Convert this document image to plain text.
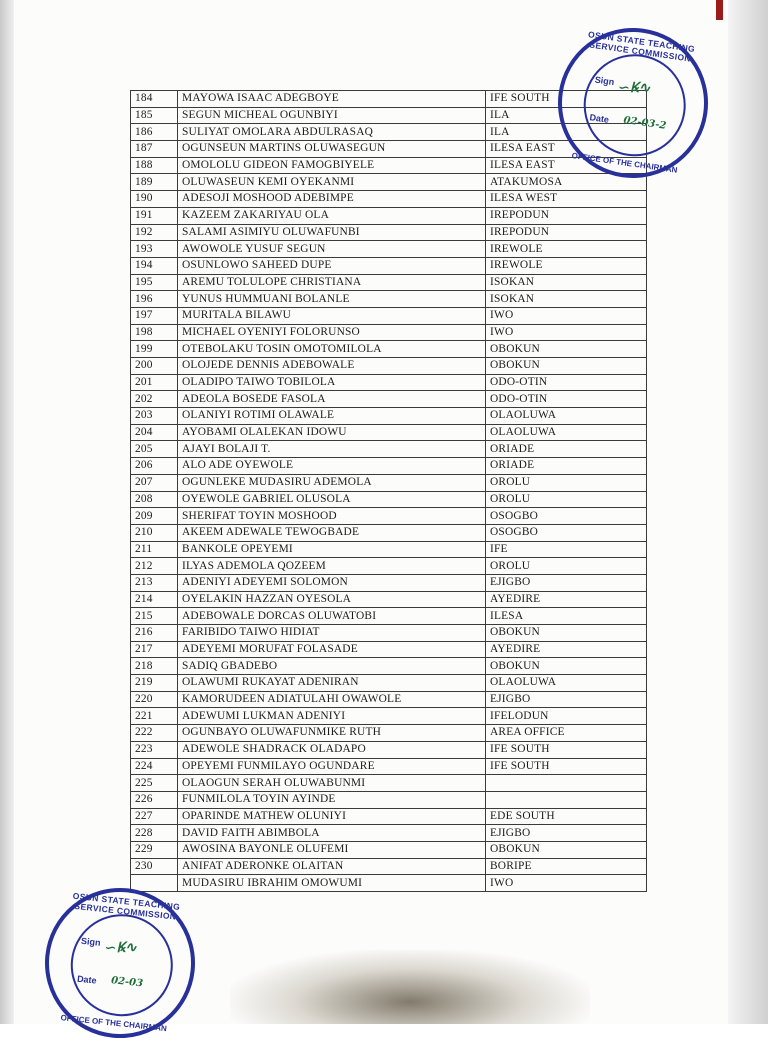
184	MAYOWA ISAAC ADEGBOYE	IFE SOUTH
185	SEGUN MICHEAL OGUNBIYI	ILA
186	SULIYAT OMOLARA ABDULRASAQ	ILA
187	OGUNSEUN MARTINS OLUWASEGUN	ILESA EAST
188	OMOLOLU GIDEON FAMOGBIYELE	ILESA EAST
189	OLUWASEUN KEMI OYEKANMI	ATAKUMOSA
190	ADESOJI MOSHOOD ADEBIMPE	ILESA WEST
191	KAZEEM ZAKARIYAU OLA	IREPODUN
192	SALAMI ASIMIYU OLUWAFUNBI	IREPODUN
193	AWOWOLE YUSUF SEGUN	IREWOLE
194	OSUNLOWO SAHEED DUPE	IREWOLE
195	AREMU TOLULOPE CHRISTIANA	ISOKAN
196	YUNUS HUMMUANI BOLANLE	ISOKAN
197	MURITALA BILAWU	IWO
198	MICHAEL OYENIYI FOLORUNSO	IWO
199	OTEBOLAKU TOSIN OMOTOMILOLA	OBOKUN
200	OLOJEDE DENNIS ADEBOWALE	OBOKUN
201	OLADIPO TAIWO TOBILOLA	ODO-OTIN
202	ADEOLA BOSEDE FASOLA	ODO-OTIN
203	OLANIYI ROTIMI OLAWALE	OLAOLUWA
204	AYOBAMI OLALEKAN IDOWU	OLAOLUWA
205	AJAYI BOLAJI T.	ORIADE
206	ALO ADE OYEWOLE	ORIADE
207	OGUNLEKE MUDASIRU ADEMOLA	OROLU
208	OYEWOLE GABRIEL OLUSOLA	OROLU
209	SHERIFAT TOYIN MOSHOOD	OSOGBO
210	AKEEM ADEWALE TEWOGBADE	OSOGBO
211	BANKOLE OPEYEMI	IFE
212	ILYAS ADEMOLA QOZEEM	OROLU
213	ADENIYI ADEYEMI SOLOMON	EJIGBO
214	OYELAKIN HAZZAN OYESOLA	AYEDIRE
215	ADEBOWALE DORCAS OLUWATOBI	ILESA
216	FARIBIDO TAIWO HIDIAT	OBOKUN
217	ADEYEMI MORUFAT FOLASADE	AYEDIRE
218	SADIQ GBADEBO	OBOKUN
219	OLAWUMI RUKAYAT ADENIRAN	OLAOLUWA
220	KAMORUDEEN ADIATULAHI OWAWOLE	EJIGBO
221	ADEWUMI LUKMAN ADENIYI	IFELODUN
222	OGUNBAYO OLUWAFUNMIKE RUTH	AREA OFFICE
223	ADEWOLE SHADRACK OLADAPO	IFE SOUTH
224	OPEYEMI FUNMILAYO OGUNDARE	IFE SOUTH
225	OLAOGUN SERAH OLUWABUNMI	
226	FUNMILOLA TOYIN AYINDE	
227	OPARINDE MATHEW OLUNIYI	EDE SOUTH
228	DAVID FAITH ABIMBOLA	EJIGBO
229	AWOSINA BAYONLE OLUFEMI	OBOKUN
230	ANIFAT ADERONKE OLAITAN	BORIPE
	MUDASIRU IBRAHIM OMOWUMI	IWO
OSUN STATE TEACHING SERVICE COMMISSION
Sign ∽Ꝃ∿
Date 02-03-2
OFFICE OF THE CHAIRMAN
OSUN STATE TEACHING SERVICE COMMISSION
Sign ∽Ꝃ∿
Date 02-03
OFFICE OF THE CHAIRMAN
